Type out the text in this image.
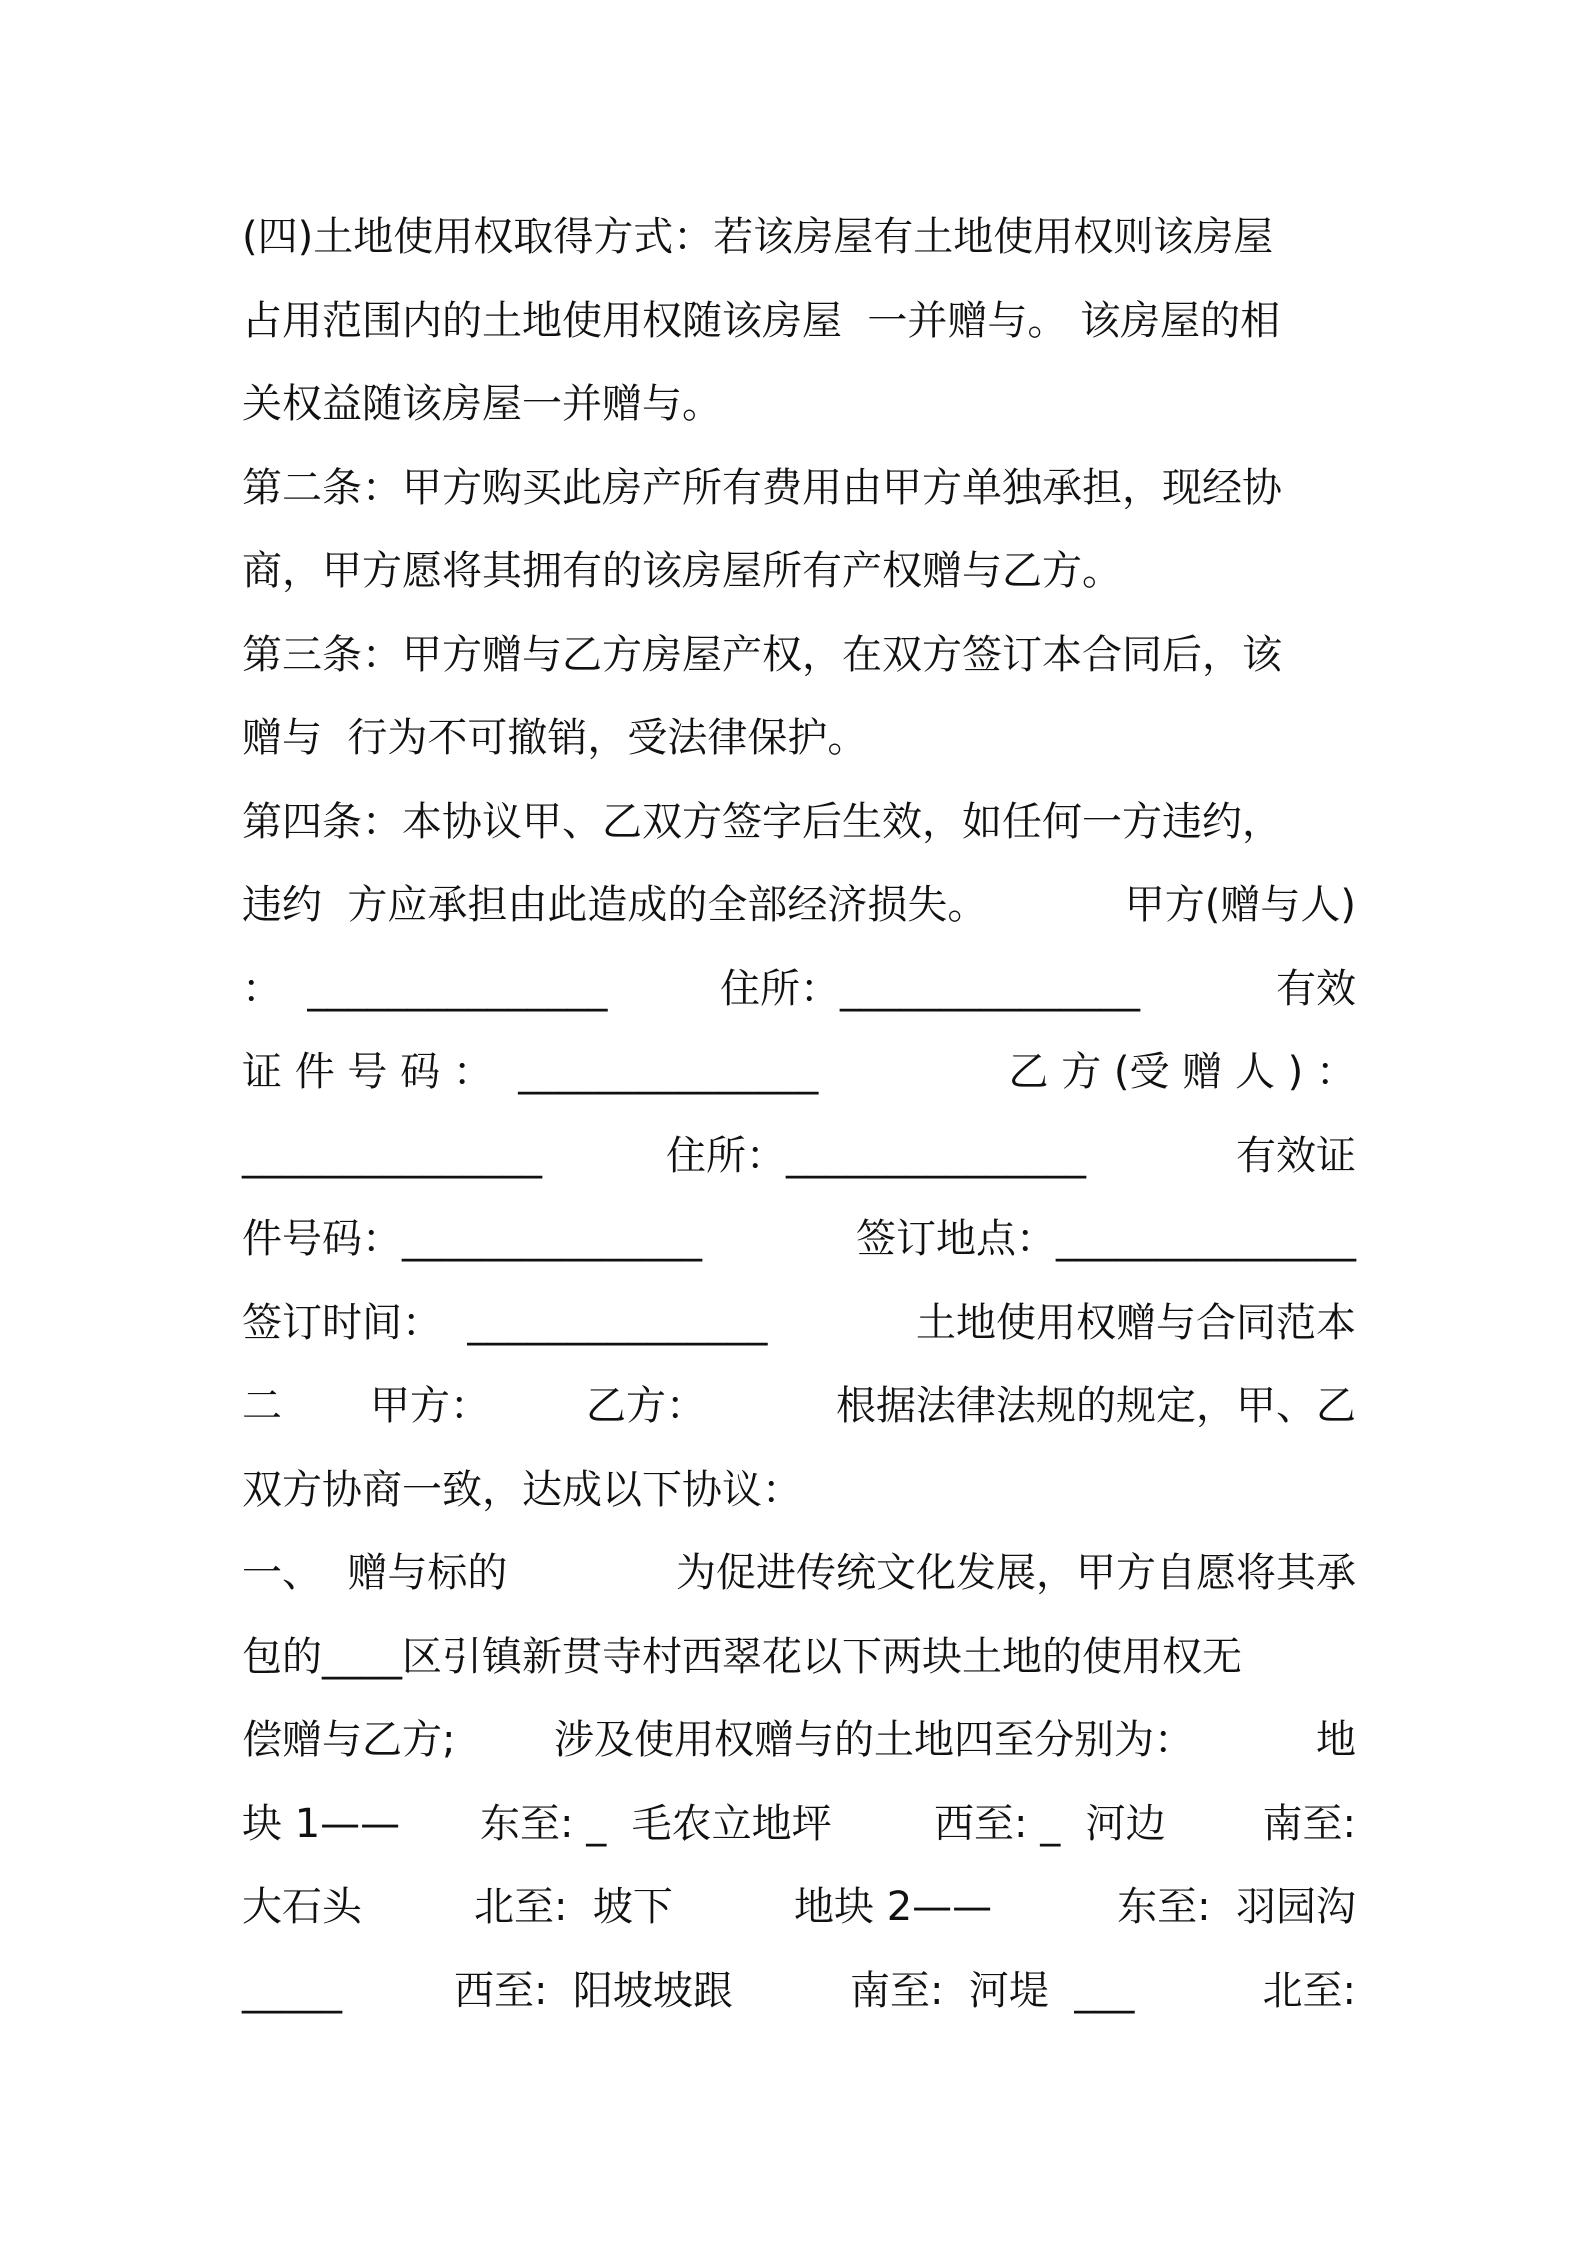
(四)土地使用权取得方式：若该房屋有土地使用权则该房屋
占用范围内的土地使用权随该房屋  一并赠与。 该房屋的相
关权益随该房屋一并赠与。
第二条：甲方购买此房产所有费用由甲方单独承担，现经协
商，甲方愿将其拥有的该房屋所有产权赠与乙方。
第三条：甲方赠与乙方房屋产权，在双方签订本合同后，该
赠与  行为不可撤销，受法律保护。
第四条：本协议甲、乙双方签字后生效，如任何一方违约，
违约  方应承担由此造成的全部经济损失。	甲方(赠与人)
：  _______________	住所：_______________	有效
证 件 号 码 ：  _______________	乙 方 (受 赠 人 ) ：
_______________	住所：_______________	有效证
件号码：_______________	签订地点：_______________
签订时间：  _______________	土地使用权赠与合同范本
二 甲方： 乙方：	根据法律法规的规定，甲、乙
双方协商一致，达成以下协议：
一、  赠与标的	为促进传统文化发展，甲方自愿将其承
包的____区引镇新贯寺村西翠花以下两块土地的使用权无
偿赠与乙方; 涉及使用权赠与的土地四至分别为：	地
块 1—— 东至: _  毛农立地坪	西至: _  河边 南至:
大石头	北至:  坡下	地块 2——	东至:  羽园沟
_____	西至:  阳坡坡跟	南至:  河堤  ___	北至:
